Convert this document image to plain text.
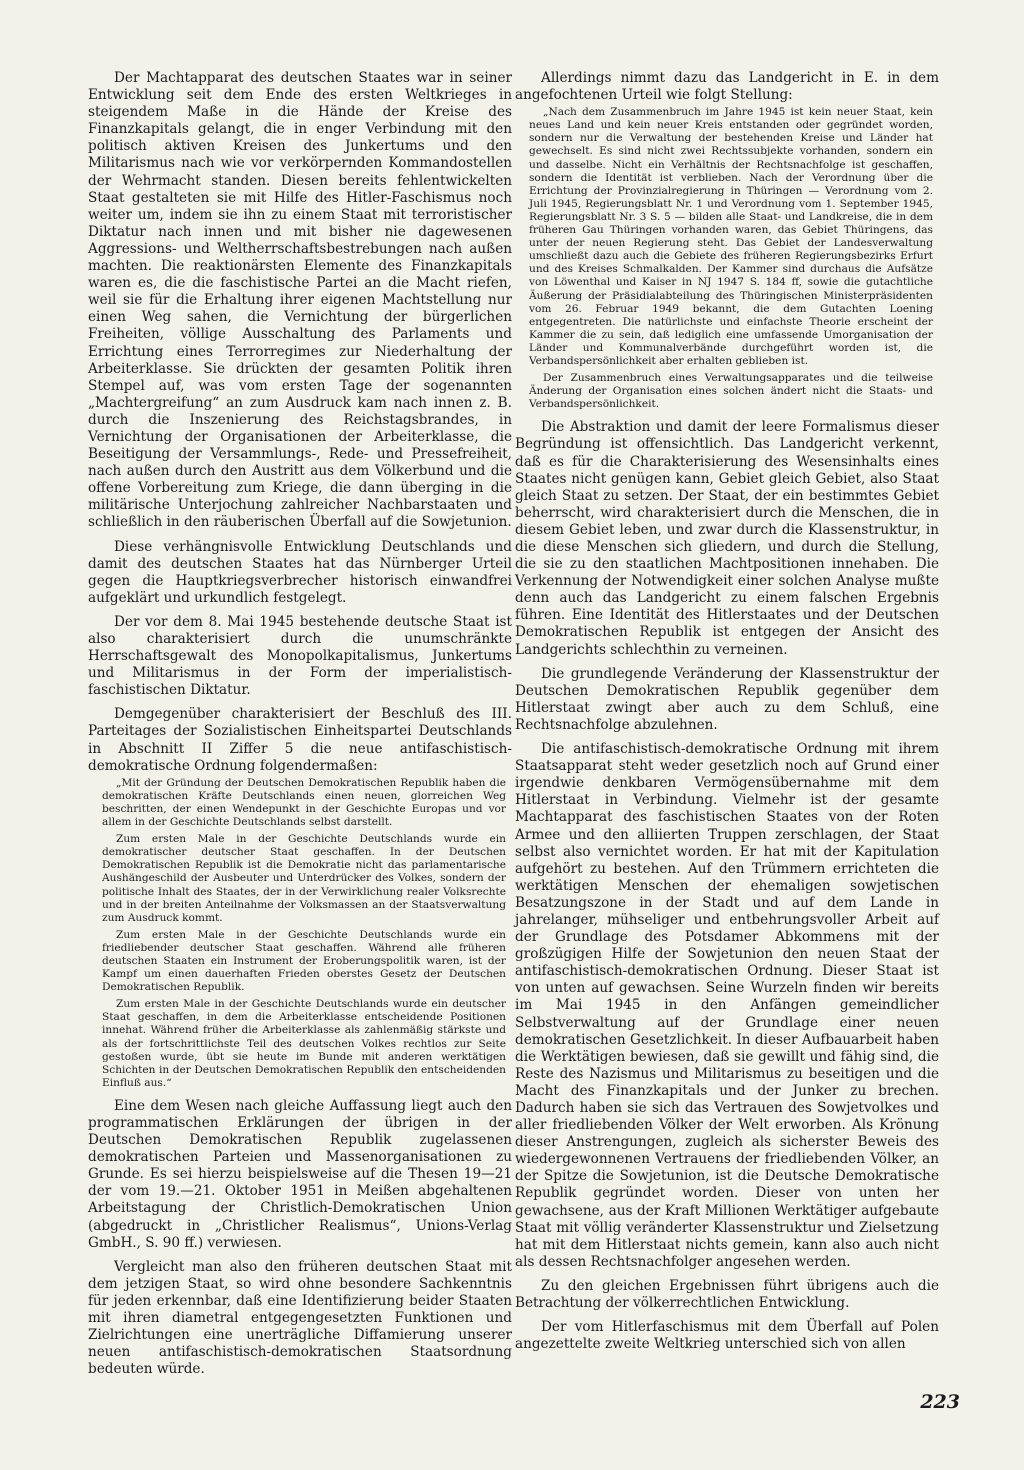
Der Machtapparat des deutschen Staates war in seiner Entwicklung seit dem Ende des ersten Weltkrieges in steigendem Maße in die Hände der Kreise des Finanzkapitals gelangt, die in enger Verbindung mit den politisch aktiven Kreisen des Junkertums und den Militarismus nach wie vor verkörpernden Kommandostellen der Wehrmacht standen. Diesen bereits fehlentwickelten Staat gestalteten sie mit Hilfe des Hitler-Faschismus noch weiter um, indem sie ihn zu einem Staat mit terroristischer Diktatur nach innen und mit bisher nie dagewesenen Aggressions- und Weltherrschaftsbestrebungen nach außen machten. Die reaktionärsten Elemente des Finanzkapitals waren es, die die faschistische Partei an die Macht riefen, weil sie für die Erhaltung ihrer eigenen Machtstellung nur einen Weg sahen, die Vernichtung der bürgerlichen Freiheiten, völlige Ausschaltung des Parlaments und Errichtung eines Terrorregimes zur Niederhaltung der Arbeiterklasse. Sie drückten der gesamten Politik ihren Stempel auf, was vom ersten Tage der sogenannten „Machtergreifung“ an zum Ausdruck kam nach innen z. B. durch die Inszenierung des Reichstagsbrandes, in Vernichtung der Organisationen der Arbeiterklasse, die Beseitigung der Versammlungs-, Rede- und Pressefreiheit, nach außen durch den Austritt aus dem Völkerbund und die offene Vorbereitung zum Kriege, die dann überging in die militärische Unterjochung zahlreicher Nachbarstaaten und schließlich in den räuberischen Überfall auf die Sowjetunion.

Diese verhängnisvolle Entwicklung Deutschlands und damit des deutschen Staates hat das Nürnberger Urteil gegen die Hauptkriegsverbrecher historisch einwandfrei aufgeklärt und urkundlich festgelegt.

Der vor dem 8. Mai 1945 bestehende deutsche Staat ist also charakterisiert durch die unumschränkte Herrschaftsgewalt des Monopolkapitalismus, Junkertums und Militarismus in der Form der imperialistisch-faschistischen Diktatur.

Demgegenüber charakterisiert der Beschluß des III. Parteitages der Sozialistischen Einheitspartei Deutschlands in Abschnitt II Ziffer 5 die neue antifaschistisch-demokratische Ordnung folgendermaßen:

„Mit der Gründung der Deutschen Demokratischen Republik haben die demokratischen Kräfte Deutschlands einen neuen, glorreichen Weg beschritten, der einen Wendepunkt in der Geschichte Europas und vor allem in der Geschichte Deutschlands selbst darstellt.

Zum ersten Male in der Geschichte Deutschlands wurde ein demokratischer deutscher Staat geschaffen. In der Deutschen Demokratischen Republik ist die Demokratie nicht das parlamentarische Aushängeschild der Ausbeuter und Unterdrücker des Volkes, sondern der politische Inhalt des Staates, der in der Verwirklichung realer Volksrechte und in der breiten Anteilnahme der Volksmassen an der Staatsverwaltung zum Ausdruck kommt.

Zum ersten Male in der Geschichte Deutschlands wurde ein friedliebender deutscher Staat geschaffen. Während alle früheren deutschen Staaten ein Instrument der Eroberungspolitik waren, ist der Kampf um einen dauerhaften Frieden oberstes Gesetz der Deutschen Demokratischen Republik.

Zum ersten Male in der Geschichte Deutschlands wurde ein deutscher Staat geschaffen, in dem die Arbeiterklasse entscheidende Positionen innehat. Während früher die Arbeiterklasse als zahlenmäßig stärkste und als der fortschrittlichste Teil des deutschen Volkes rechtlos zur Seite gestoßen wurde, übt sie heute im Bunde mit anderen werktätigen Schichten in der Deutschen Demokratischen Republik den entscheidenden Einfluß aus.“

Eine dem Wesen nach gleiche Auffassung liegt auch den programmatischen Erklärungen der übrigen in der Deutschen Demokratischen Republik zugelassenen demokratischen Parteien und Massenorganisationen zu Grunde. Es sei hierzu beispielsweise auf die Thesen 19—21 der vom 19.—21. Oktober 1951 in Meißen abgehaltenen Arbeitstagung der Christlich-Demokratischen Union (abgedruckt in „Christlicher Realismus“, Unions-Verlag GmbH., S. 90 ff.) verwiesen.

Vergleicht man also den früheren deutschen Staat mit dem jetzigen Staat, so wird ohne besondere Sachkenntnis für jeden erkennbar, daß eine Identifizierung beider Staaten mit ihren diametral entgegengesetzten Funktionen und Zielrichtungen eine unerträgliche Diffamierung unserer neuen antifaschistisch-demokratischen Staatsordnung bedeuten würde.

Allerdings nimmt dazu das Landgericht in E. in dem angefochtenen Urteil wie folgt Stellung:

„Nach dem Zusammenbruch im Jahre 1945 ist kein neuer Staat, kein neues Land und kein neuer Kreis entstanden oder gegründet worden, sondern nur die Verwaltung der bestehenden Kreise und Länder hat gewechselt. Es sind nicht zwei Rechtssubjekte vorhanden, sondern ein und dasselbe. Nicht ein Verhältnis der Rechtsnachfolge ist geschaffen, sondern die Identität ist verblieben. Nach der Verordnung über die Errichtung der Provinzialregierung in Thüringen — Verordnung vom 2. Juli 1945, Regierungsblatt Nr. 1 und Verordnung vom 1. September 1945, Regierungsblatt Nr. 3 S. 5 — bilden alle Staat- und Landkreise, die in dem früheren Gau Thüringen vorhanden waren, das Gebiet Thüringens, das unter der neuen Regierung steht. Das Gebiet der Landesverwaltung umschließt dazu auch die Gebiete des früheren Regierungsbezirks Erfurt und des Kreises Schmalkalden. Der Kammer sind durchaus die Aufsätze von Löwenthal und Kaiser in NJ 1947 S. 184 ff, sowie die gutachtliche Äußerung der Präsidialabteilung des Thüringischen Ministerpräsidenten vom 26. Februar 1949 bekannt, die dem Gutachten Loening entgegentreten. Die natürlichste und einfachste Theorie erscheint der Kammer die zu sein, daß lediglich eine umfassende Umorganisation der Länder und Kommunalverbände durchgeführt worden ist, die Verbandspersönlichkeit aber erhalten geblieben ist.

Der Zusammenbruch eines Verwaltungsapparates und die teilweise Änderung der Organisation eines solchen ändert nicht die Staats- und Verbandspersönlichkeit.

Die Abstraktion und damit der leere Formalismus dieser Begründung ist offensichtlich. Das Landgericht verkennt, daß es für die Charakterisierung des Wesensinhalts eines Staates nicht genügen kann, Gebiet gleich Gebiet, also Staat gleich Staat zu setzen. Der Staat, der ein bestimmtes Gebiet beherrscht, wird charakterisiert durch die Menschen, die in diesem Gebiet leben, und zwar durch die Klassenstruktur, in die diese Menschen sich gliedern, und durch die Stellung, die sie zu den staatlichen Machtpositionen innehaben. Die Verkennung der Notwendigkeit einer solchen Analyse mußte denn auch das Landgericht zu einem falschen Ergebnis führen. Eine Identität des Hitlerstaates und der Deutschen Demokratischen Republik ist entgegen der Ansicht des Landgerichts schlechthin zu verneinen.

Die grundlegende Veränderung der Klassenstruktur der Deutschen Demokratischen Republik gegenüber dem Hitlerstaat zwingt aber auch zu dem Schluß, eine Rechtsnachfolge abzulehnen.

Die antifaschistisch-demokratische Ordnung mit ihrem Staatsapparat steht weder gesetzlich noch auf Grund einer irgendwie denkbaren Vermögensübernahme mit dem Hitlerstaat in Verbindung. Vielmehr ist der gesamte Machtapparat des faschistischen Staates von der Roten Armee und den alliierten Truppen zerschlagen, der Staat selbst also vernichtet worden. Er hat mit der Kapitulation aufgehört zu bestehen. Auf den Trümmern errichteten die werktätigen Menschen der ehemaligen sowjetischen Besatzungszone in der Stadt und auf dem Lande in jahrelanger, mühseliger und entbehrungsvoller Arbeit auf der Grundlage des Potsdamer Abkommens mit der großzügigen Hilfe der Sowjetunion den neuen Staat der antifaschistisch-demokratischen Ordnung. Dieser Staat ist von unten auf gewachsen. Seine Wurzeln finden wir bereits im Mai 1945 in den Anfängen gemeindlicher Selbstverwaltung auf der Grundlage einer neuen demokratischen Gesetzlichkeit. In dieser Aufbauarbeit haben die Werktätigen bewiesen, daß sie gewillt und fähig sind, die Reste des Nazismus und Militarismus zu beseitigen und die Macht des Finanzkapitals und der Junker zu brechen. Dadurch haben sie sich das Vertrauen des Sowjetvolkes und aller friedliebenden Völker der Welt erworben. Als Krönung dieser Anstrengungen, zugleich als sicherster Beweis des wiedergewonnenen Vertrauens der friedliebenden Völker, an der Spitze die Sowjetunion, ist die Deutsche Demokratische Republik gegründet worden. Dieser von unten her gewachsene, aus der Kraft Millionen Werktätiger aufgebaute Staat mit völlig veränderter Klassenstruktur und Zielsetzung hat mit dem Hitlerstaat nichts gemein, kann also auch nicht als dessen Rechtsnachfolger angesehen werden.

Zu den gleichen Ergebnissen führt übrigens auch die Betrachtung der völkerrechtlichen Entwicklung.

Der vom Hitlerfaschismus mit dem Überfall auf Polen angezettelte zweite Weltkrieg unterschied sich von allen

223
